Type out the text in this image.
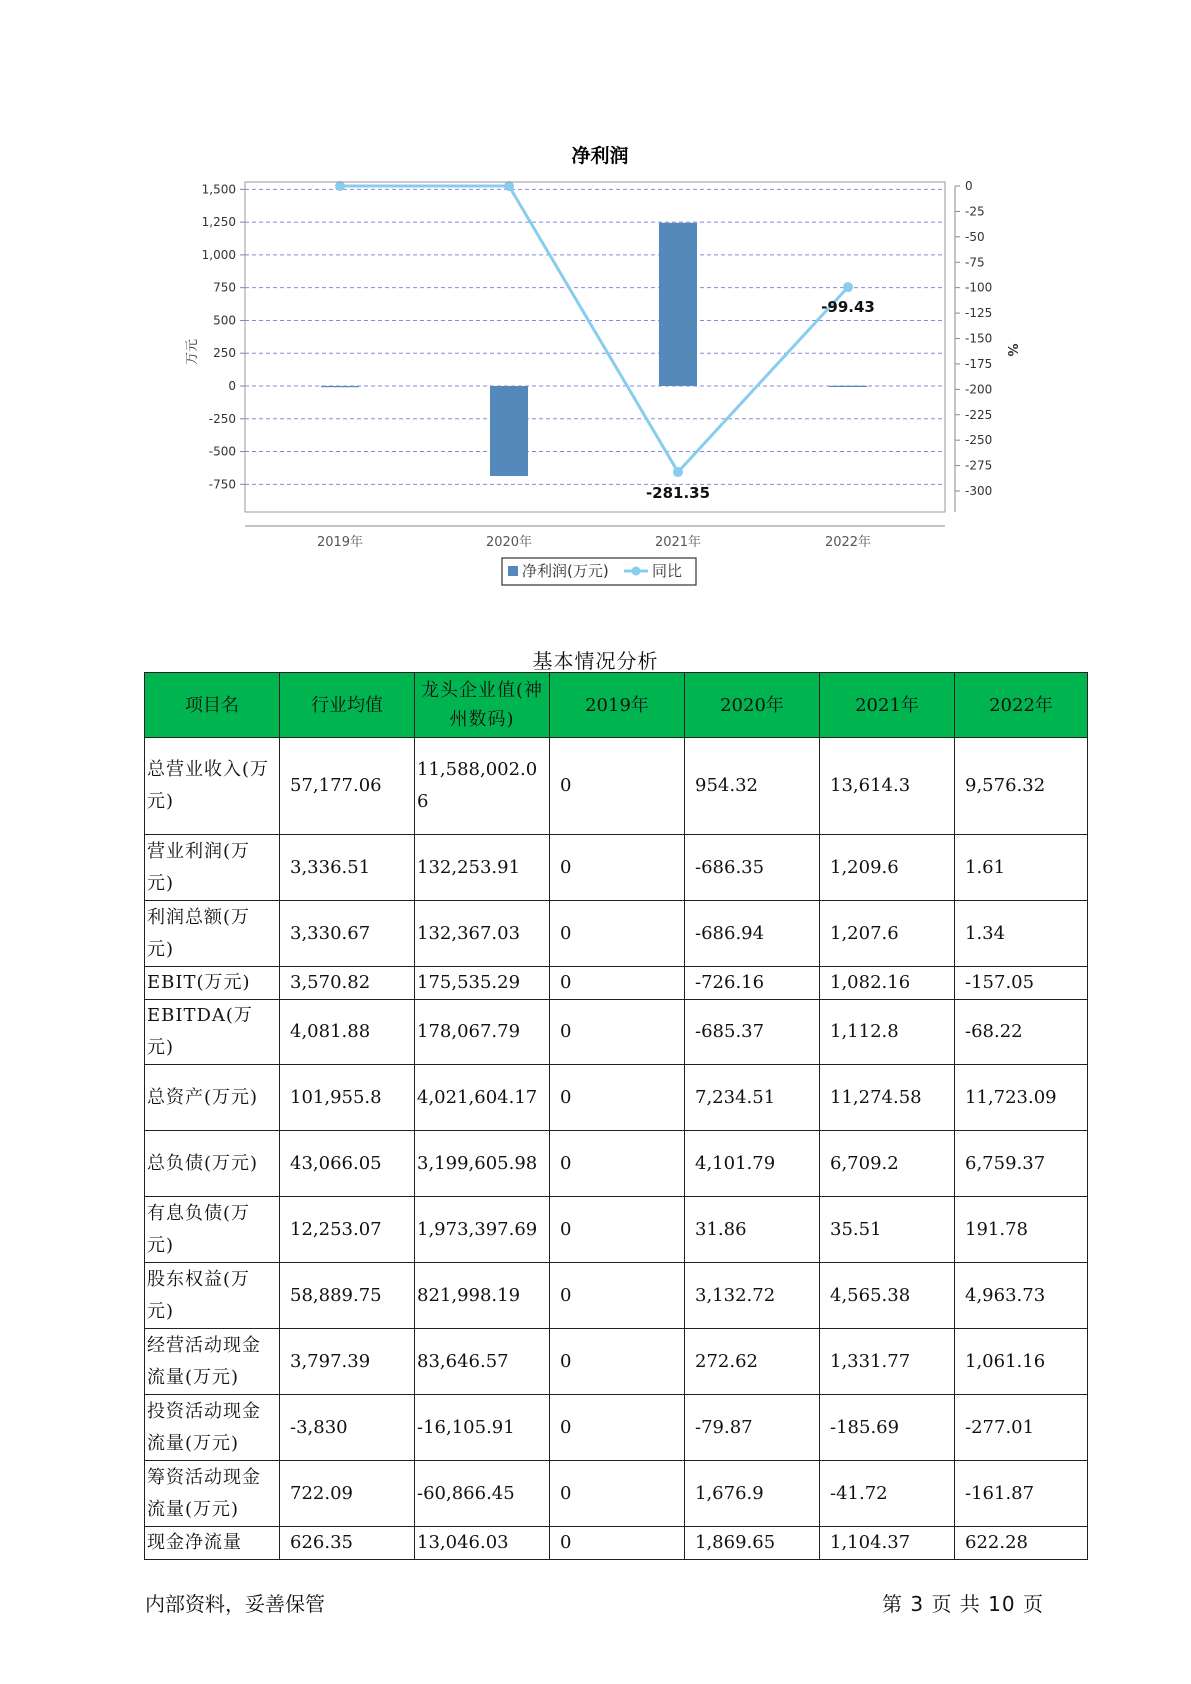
净利润
-281.35
-99.43
1,500
1,250
1,000
750
500
250
0
-250
-500
-750
万元
0
-25
-50
-75
-100
-125
-150
-175
-200
-225
-250
-275
-300
%
2019年	2020年	2021年	2022年
净利润(万元)	同比
基本情况分析
项目名	行业均值	龙头企业值(神州数码)	2019年	2020年	2021年	2022年
总营业收入(万元)	57,177.06	11,588,002.06	0	954.32	13,614.3	9,576.32
营业利润(万元)	3,336.51	132,253.91	0	-686.35	1,209.6	1.61
利润总额(万元)	3,330.67	132,367.03	0	-686.94	1,207.6	1.34
EBIT(万元)	3,570.82	175,535.29	0	-726.16	1,082.16	-157.05
EBITDA(万元)	4,081.88	178,067.79	0	-685.37	1,112.8	-68.22
总资产(万元)	101,955.8	4,021,604.17	0	7,234.51	11,274.58	11,723.09
总负债(万元)	43,066.05	3,199,605.98	0	4,101.79	6,709.2	6,759.37
有息负债(万元)	12,253.07	1,973,397.69	0	31.86	35.51	191.78
股东权益(万元)	58,889.75	821,998.19	0	3,132.72	4,565.38	4,963.73
经营活动现金流量(万元)	3,797.39	83,646.57	0	272.62	1,331.77	1,061.16
投资活动现金流量(万元)	-3,830	-16,105.91	0	-79.87	-185.69	-277.01
筹资活动现金流量(万元)	722.09	-60,866.45	0	1,676.9	-41.72	-161.87
现金净流量	626.35	13,046.03	0	1,869.65	1,104.37	622.28
内部资料，妥善保管	第 3 页 共 10 页
